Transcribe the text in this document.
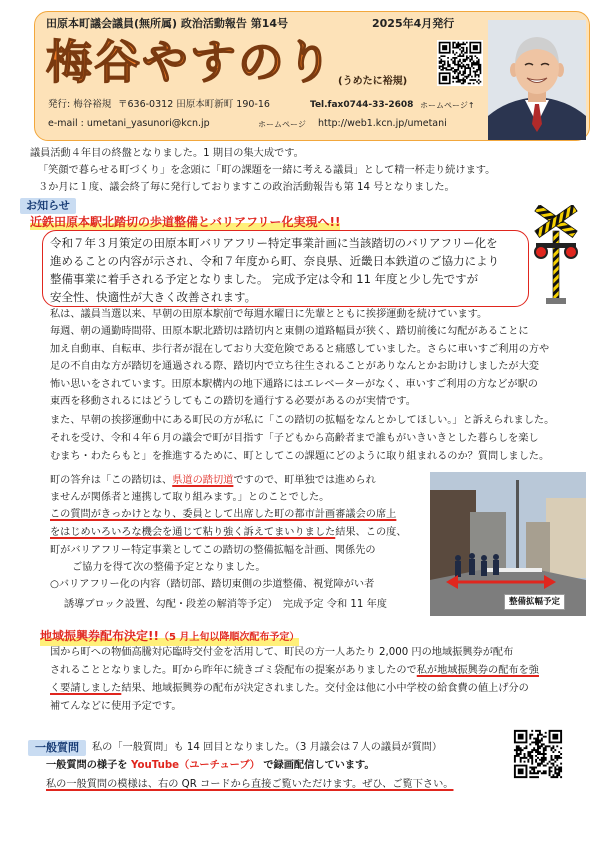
田原本町議会議員(無所属) 政治活動報告 第14号	2025年4月発行
梅谷やすのり (うめたに裕規)
発行: 梅谷裕規 〒636-0312 田原本町新町 190-16	Tel.fax0744-33-2608 ホームページ↑
e-mail : umetani_yasunori@kcn.jp	ホームページ http://web1.kcn.jp/umetani
議員活動４年目の終盤となりました。1 期目の集大成です。
「笑顔で暮らせる町づくり」を念頭に「町の課題を一緒に考える議員」として精一杯走り続けます。
３か月に１度、議会終了毎に発行しておりますこの政治活動報告も第 14 号となりました。
お知らせ
近鉄田原本駅北踏切の歩道整備とバリアフリー化実現へ!!
令和７年３月策定の田原本町バリアフリー特定事業計画に当該踏切のバリアフリー化を
進めることの内容が示され、令和７年度から町、奈良県、近畿日本鉄道のご協力により
整備事業に着手される予定となりました。 完成予定は令和 11 年度と少し先ですが
安全性、快適性が大きく改善されます。
私は、議員当選以来、早朝の田原本駅前で毎週水曜日に先輩とともに挨拶運動を続けています。
毎週、朝の通勤時間帯、田原本駅北踏切は踏切内と東側の道路幅員が狭く、踏切前後に勾配があることに
加え自動車、自転車、歩行者が混在しており大変危険であると痛感していました。さらに車いすご利用の方や
足の不自由な方が踏切を通過される際、踏切内で立ち往生されることがありなんとかお助けしましたが大変
怖い思いをされています。田原本駅構内の地下通路にはエレベーターがなく、車いすご利用の方などが駅の
東西を移動されるにはどうしてもこの踏切を通行する必要があるのが実情です。
また、早朝の挨拶運動中にある町民の方が私に「この踏切の拡幅をなんとかしてほしい。」と訴えられました。
それを受け、令和４年６月の議会で町が目指す「子どもから高齢者まで誰もがいきいきとした暮らしを楽し
むまち・わたらもと」を推進するために、町としてこの課題にどのように取り組まれるのか？質問しました。
町の答弁は「この踏切は、県道の踏切道ですので、町単独では進められ
ませんが関係者と連携して取り組みます。」とのことでした。
この質問がきっかけとなり、委員として出席した町の都市計画審議会の席上
をはじめいろいろな機会を通じて粘り強く訴えてまいりました結果、この度、
町がバリアフリー特定事業としてこの踏切の整備拡幅を計画、関係先の
ご協力を得て次の整備予定となりました。
○バリアフリー化の内容（踏切部、踏切東側の歩道整備、視覚障がい者
誘導ブロック設置、勾配・段差の解消等予定）　完成予定 令和 11 年度	整備拡幅予定
地域振興券配布決定!!（5 月上旬以降順次配布予定）
国から町への物価高騰対応臨時交付金を活用して、町民の方一人あたり 2,000 円の地域振興券が配布
されることとなりました。町から昨年に続きゴミ袋配布の提案がありましたので私が地域振興券の配布を強
く要請しました結果、地域振興券の配布が決定されました。交付金は他に小中学校の給食費の値上げ分の
補てんなどに使用予定です。
一般質問	私の「一般質問」も 14 回目となりました。（3 月議会は７人の議員が質問）
一般質問の様子を YouTube（ユーチューブ） で録画配信しています。
私の一般質問の模様は、右の QR コードから直接ご覧いただけます。ぜひ、ご覧下さい。
